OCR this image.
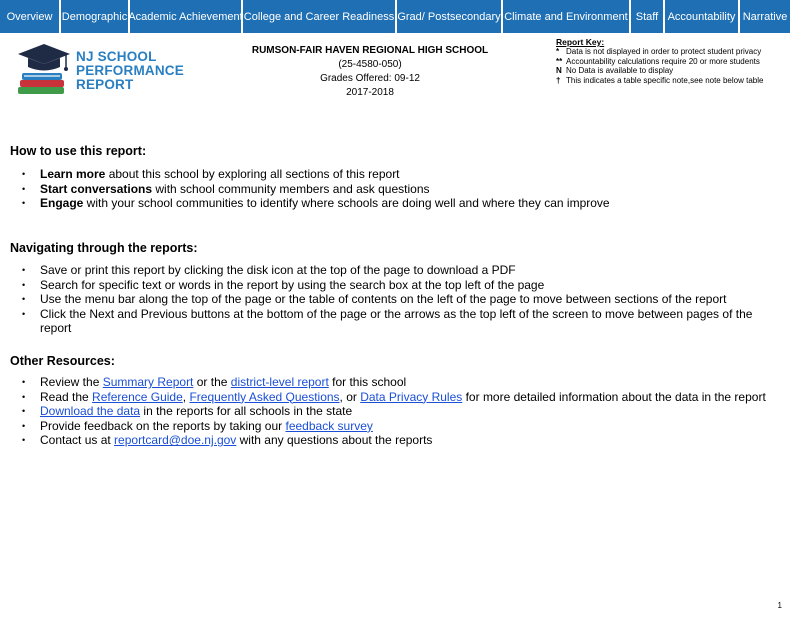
Overview Demographic Academic Achievement College and Career Readiness Grad/ Postsecondary Climate and Environment Staff Accountability Narrative
NJ SCHOOL
PERFORMANCE
REPORT
RUMSON-FAIR HAVEN REGIONAL HIGH SCHOOL
(25-4580-050)
Grades Offered: 09-12
2017-2018
Report Key:
* Data is not displayed in order to protect student privacy
** Accountability calculations require 20 or more students
N No Data is available to display
† This indicates a table specific note,see note below table
How to use this report:
• Learn more about this school by exploring all sections of this report
• Start conversations with school community members and ask questions
• Engage with your school communities to identify where schools are doing well and where they can improve
Navigating through the reports:
• Save or print this report by clicking the disk icon at the top of the page to download a PDF
• Search for specific text or words in the report by using the search box at the top left of the page
• Use the menu bar along the top of the page or the table of contents on the left of the page to move between sections of the report
• Click the Next and Previous buttons at the bottom of the page or the arrows as the top left of the screen to move between pages of the report
Other Resources:
• Review the Summary Report or the district-level report for this school
• Read the Reference Guide, Frequently Asked Questions, or Data Privacy Rules for more detailed information about the data in the report
• Download the data in the reports for all schools in the state
• Provide feedback on the reports by taking our feedback survey
• Contact us at reportcard@doe.nj.gov with any questions about the reports
1
